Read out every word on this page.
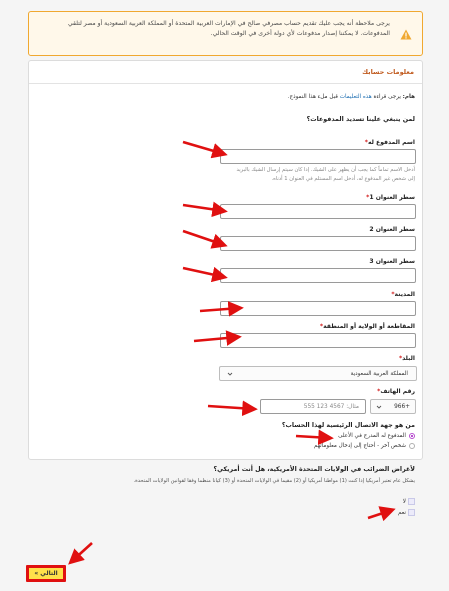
يرجى ملاحظة أنه يجب عليك تقديم حساب مصرفي صالح في الإمارات العربية المتحدة أو المملكة العربية السعودية أو مصر لتلقي المدفوعات. لا يمكننا إصدار مدفوعات لأي دولة أخرى في الوقت الحالي.
معلومات حسابك
هام: يرجى قراءة هذه التعليمات قبل ملء هذا النموذج.
لمن ينبغي علينا تسديد المدفوعات؟
اسم المدفوع له*
أدخل الاسم تماماً كما يجب أن يظهر على الشيك. إذا كان سيتم إرسال الشيك بالبريد
إلى شخص غير المدفوع له، أدخل اسم المستلم في العنوان 1 أدناه.
سطر العنوان 1*
سطر العنوان 2
سطر العنوان 3
المدينة*
المقاطعة أو الولاية أو المنطقة*
البلد*
المملكة العربية السعودية
رقم الهاتف*
+966
مثال: 4567 123 555
من هو جهة الاتصال الرئيسية لهذا الحساب؟
المدفوع له المدرج في الأعلى
شخص آخر - أحتاج إلى إدخال معلوماتهم
لأغراض الضرائب في الولايات المتحدة الأمريكية، هل أنت أمريكي؟
يشكل عام تعتبر أمريكيا إذا كنت (1) مواطنا أمريكيا أو (2) مقيما في الولايات المتحدة أو (3) كيانا منظما وفقا لقوانين الولايات المتحدة.
لا
نعم
التالي »
